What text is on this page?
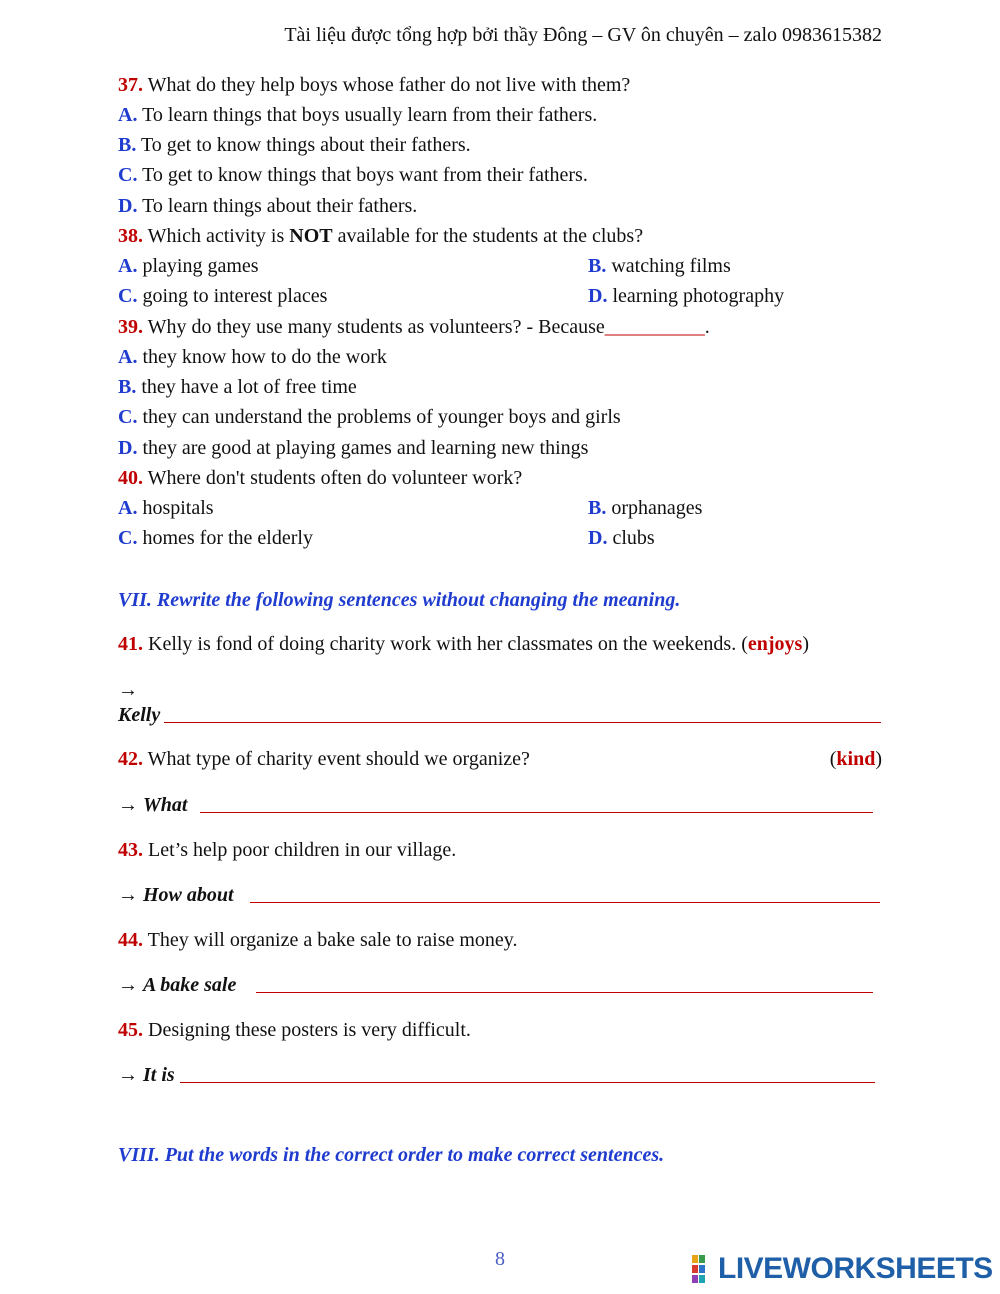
Tài liệu được tổng hợp bởi thầy Đông – GV ôn chuyên – zalo 0983615382
37. What do they help boys whose father do not live with them?
A. To learn things that boys usually learn from their fathers.
B. To get to know things about their fathers.
C. To get to know things that boys want from their fathers.
D. To learn things about their fathers.
38. Which activity is NOT available for the students at the clubs?
A. playing games	B. watching films
C. going to interest places	D. learning photography
39. Why do they use many students as volunteers? - Because__________.
A. they know how to do the work
B. they have a lot of free time
C. they can understand the problems of younger boys and girls
D. they are good at playing games and learning new things
40. Where don't students often do volunteer work?
A. hospitals	B. orphanages
C. homes for the elderly	D. clubs
VII. Rewrite the following sentences without changing the meaning.
41. Kelly is fond of doing charity work with her classmates on the weekends. (enjoys)
→
Kelly
42. What type of charity event should we organize?	(kind)
→ What
43. Let’s help poor children in our village.
→ How about
44. They will organize a bake sale to raise money.
→ A bake sale
45. Designing these posters is very difficult.
→ It is
VIII. Put the words in the correct order to make correct sentences.
8	LIVEWORKSHEETS
